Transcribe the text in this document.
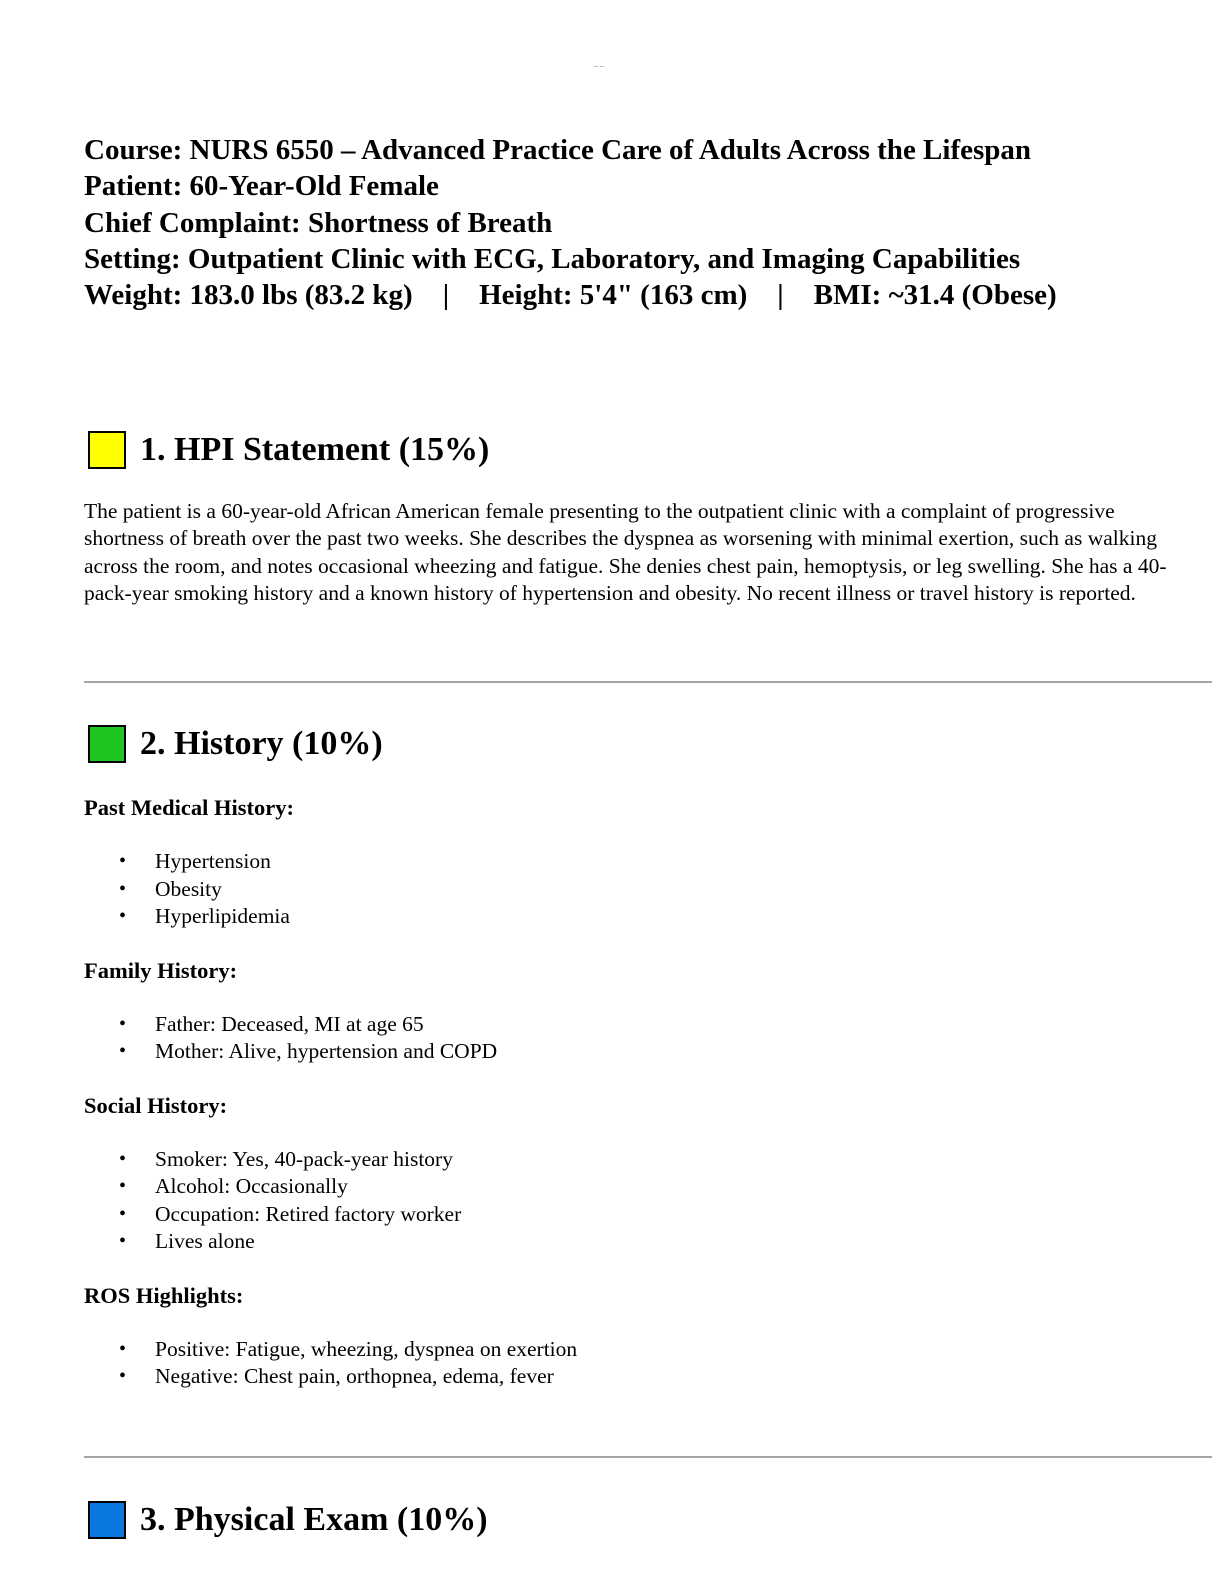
-- --
Course: NURS 6550 – Advanced Practice Care of Adults Across the Lifespan
Patient: 60-Year-Old Female
Chief Complaint: Shortness of Breath
Setting: Outpatient Clinic with ECG, Laboratory, and Imaging Capabilities
Weight: 183.0 lbs (83.2 kg) | Height: 5'4" (163 cm) | BMI: ~31.4 (Obese)
1. HPI Statement (15%)
The patient is a 60-year-old African American female presenting to the outpatient clinic with a complaint of progressive shortness of breath over the past two weeks. She describes the dyspnea as worsening with minimal exertion, such as walking across the room, and notes occasional wheezing and fatigue. She denies chest pain, hemoptysis, or leg swelling. She has a 40-pack-year smoking history and a known history of hypertension and obesity. No recent illness or travel history is reported.
2. History (10%)

Past Medical History:

• Hypertension
• Obesity
• Hyperlipidemia

Family History:

• Father: Deceased, MI at age 65
• Mother: Alive, hypertension and COPD

Social History:

• Smoker: Yes, 40-pack-year history
• Alcohol: Occasionally
• Occupation: Retired factory worker
• Lives alone

ROS Highlights:

• Positive: Fatigue, wheezing, dyspnea on exertion
• Negative: Chest pain, orthopnea, edema, fever
3. Physical Exam (10%)
